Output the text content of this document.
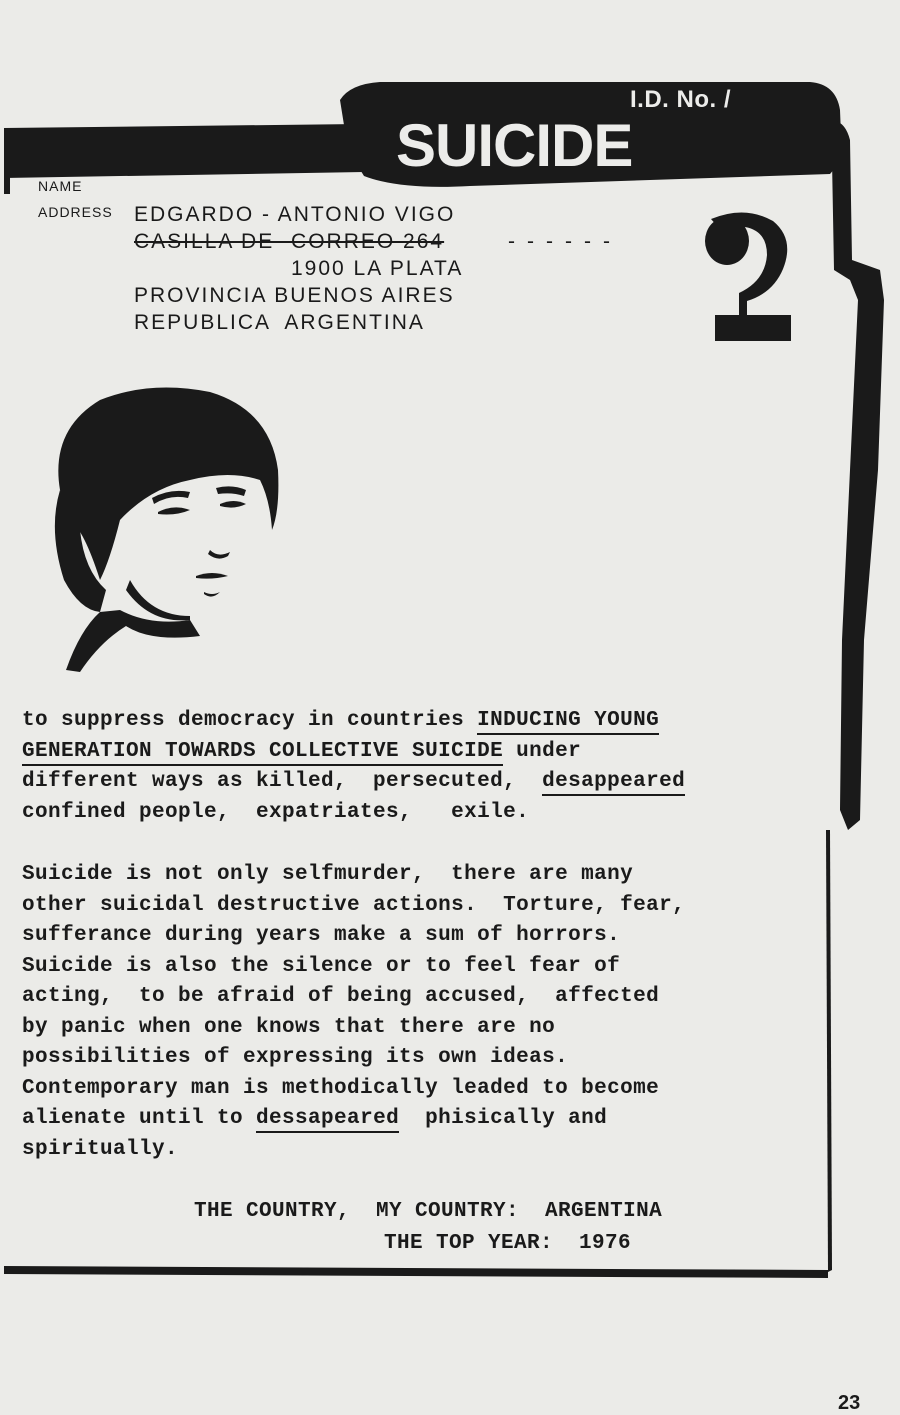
I.D. No. /
SUICIDE
NAME
ADDRESS EDGARDO - ANTONIO VIGO
CASILLA DE -CORREO 264
1900 LA PLATA
PROVINCIA BUENOS AIRES
REPUBLICA  ARGENTINA
------
?
to suppress democracy in countries INDUCING YOUNG
GENERATION TOWARDS COLLECTIVE SUICIDE under
different ways as killed,  persecuted,  desappeared
confined people,  expatriates,   exile.
Suicide is not only selfmurder,  there are many
other suicidal destructive actions.  Torture, fear,
sufferance during years make a sum of horrors.
Suicide is also the silence or to feel fear of
acting,  to be afraid of being accused,  affected
by panic when one knows that there are no
possibilities of expressing its own ideas.
Contemporary man is methodically leaded to become
alienate until to dessapeared  phisically and
spiritually.
THE COUNTRY,  MY COUNTRY:  ARGENTINA
THE TOP YEAR:  1976
23
